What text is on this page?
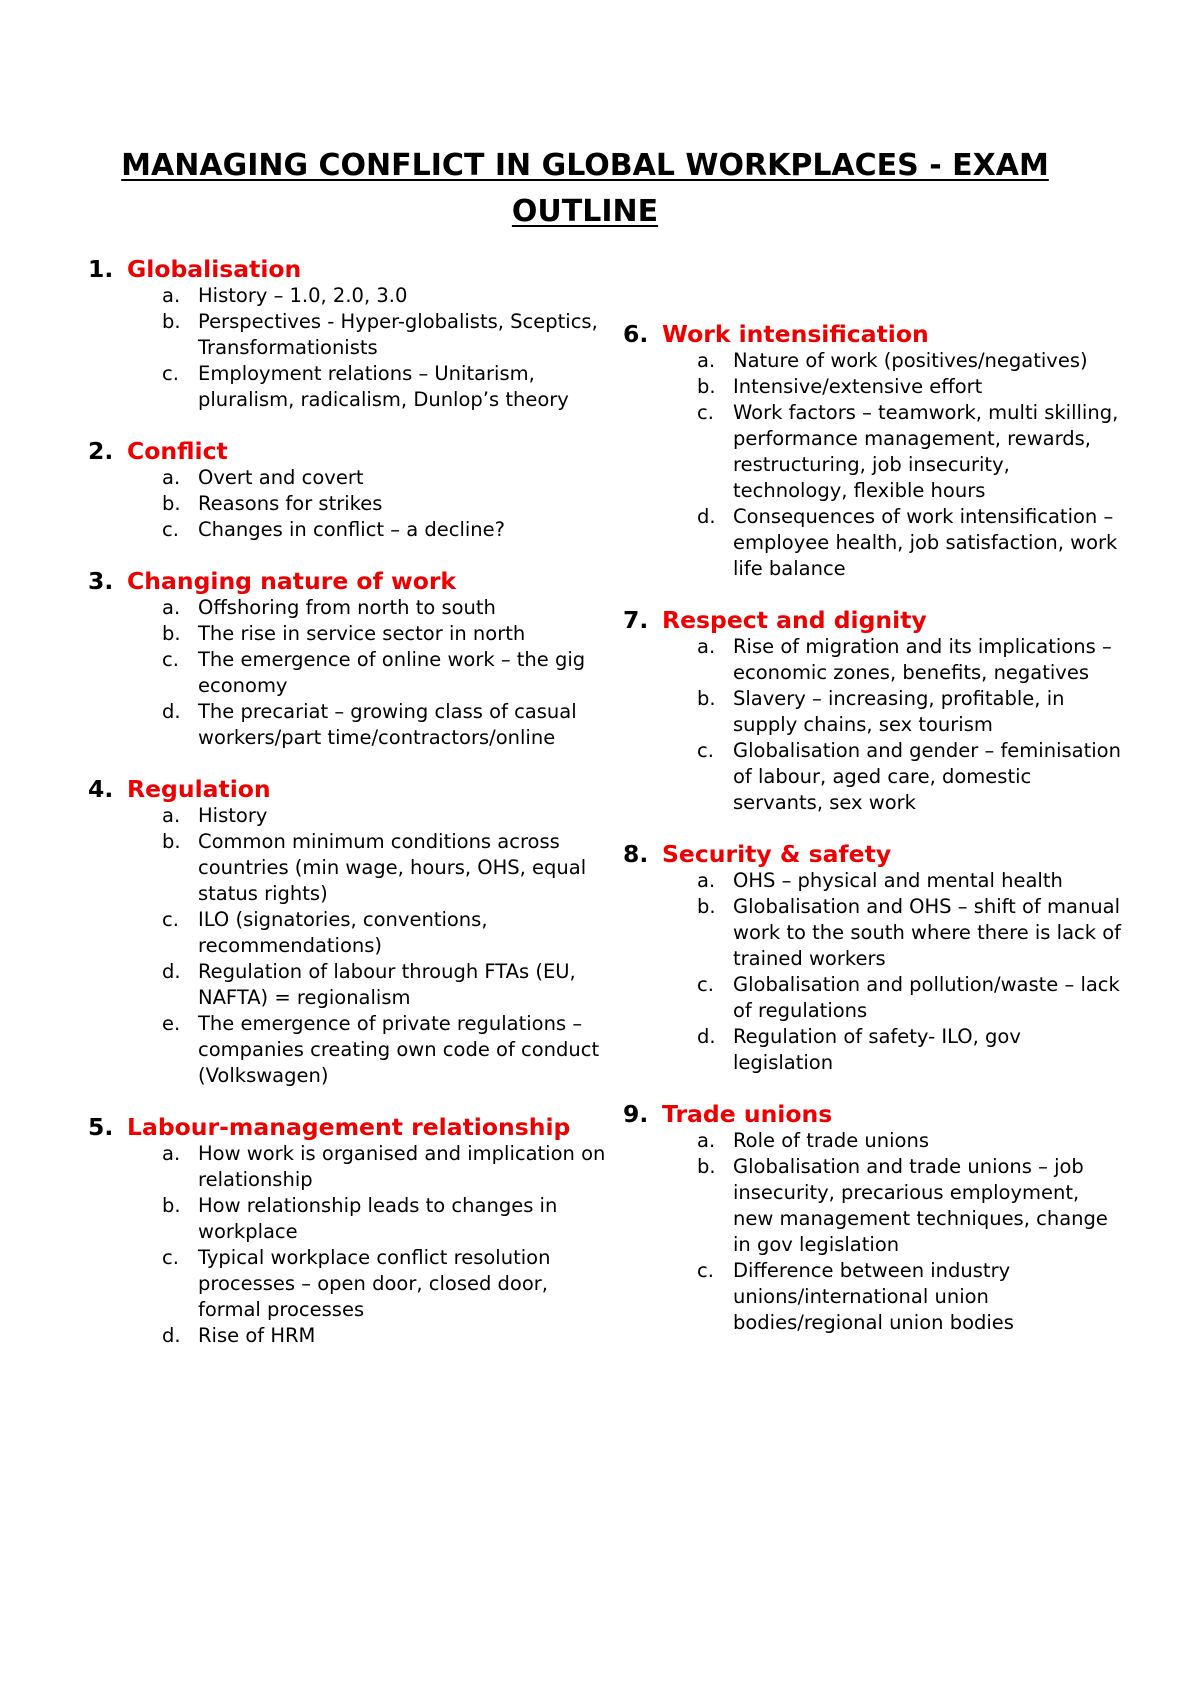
MANAGING CONFLICT IN GLOBAL WORKPLACES - EXAM OUTLINE
1. Globalisation
a. History – 1.0, 2.0, 3.0
b. Perspectives - Hyper-globalists, Sceptics, Transformationists
c. Employment relations – Unitarism, pluralism, radicalism, Dunlop’s theory
2. Conflict
a. Overt and covert
b. Reasons for strikes
c. Changes in conflict – a decline?
3. Changing nature of work
a. Offshoring from north to south
b. The rise in service sector in north
c. The emergence of online work – the gig economy
d. The precariat – growing class of casual workers/part time/contractors/online
4. Regulation
a. History
b. Common minimum conditions across countries (min wage, hours, OHS, equal status rights)
c. ILO (signatories, conventions, recommendations)
d. Regulation of labour through FTAs (EU, NAFTA) = regionalism
e. The emergence of private regulations – companies creating own code of conduct (Volkswagen)
5. Labour-management relationship
a. How work is organised and implication on relationship
b. How relationship leads to changes in workplace
c. Typical workplace conflict resolution processes – open door, closed door, formal processes
d. Rise of HRM
6. Work intensification
a. Nature of work (positives/negatives)
b. Intensive/extensive effort
c. Work factors – teamwork, multi skilling, performance management, rewards, restructuring, job insecurity, technology, flexible hours
d. Consequences of work intensification – employee health, job satisfaction, work life balance
7. Respect and dignity
a. Rise of migration and its implications – economic zones, benefits, negatives
b. Slavery – increasing, profitable, in supply chains, sex tourism
c. Globalisation and gender – feminisation of labour, aged care, domestic servants, sex work
8. Security & safety
a. OHS – physical and mental health
b. Globalisation and OHS – shift of manual work to the south where there is lack of trained workers
c. Globalisation and pollution/waste – lack of regulations
d. Regulation of safety- ILO, gov legislation
9. Trade unions
a. Role of trade unions
b. Globalisation and trade unions – job insecurity, precarious employment, new management techniques, change in gov legislation
c. Difference between industry unions/international union bodies/regional union bodies
